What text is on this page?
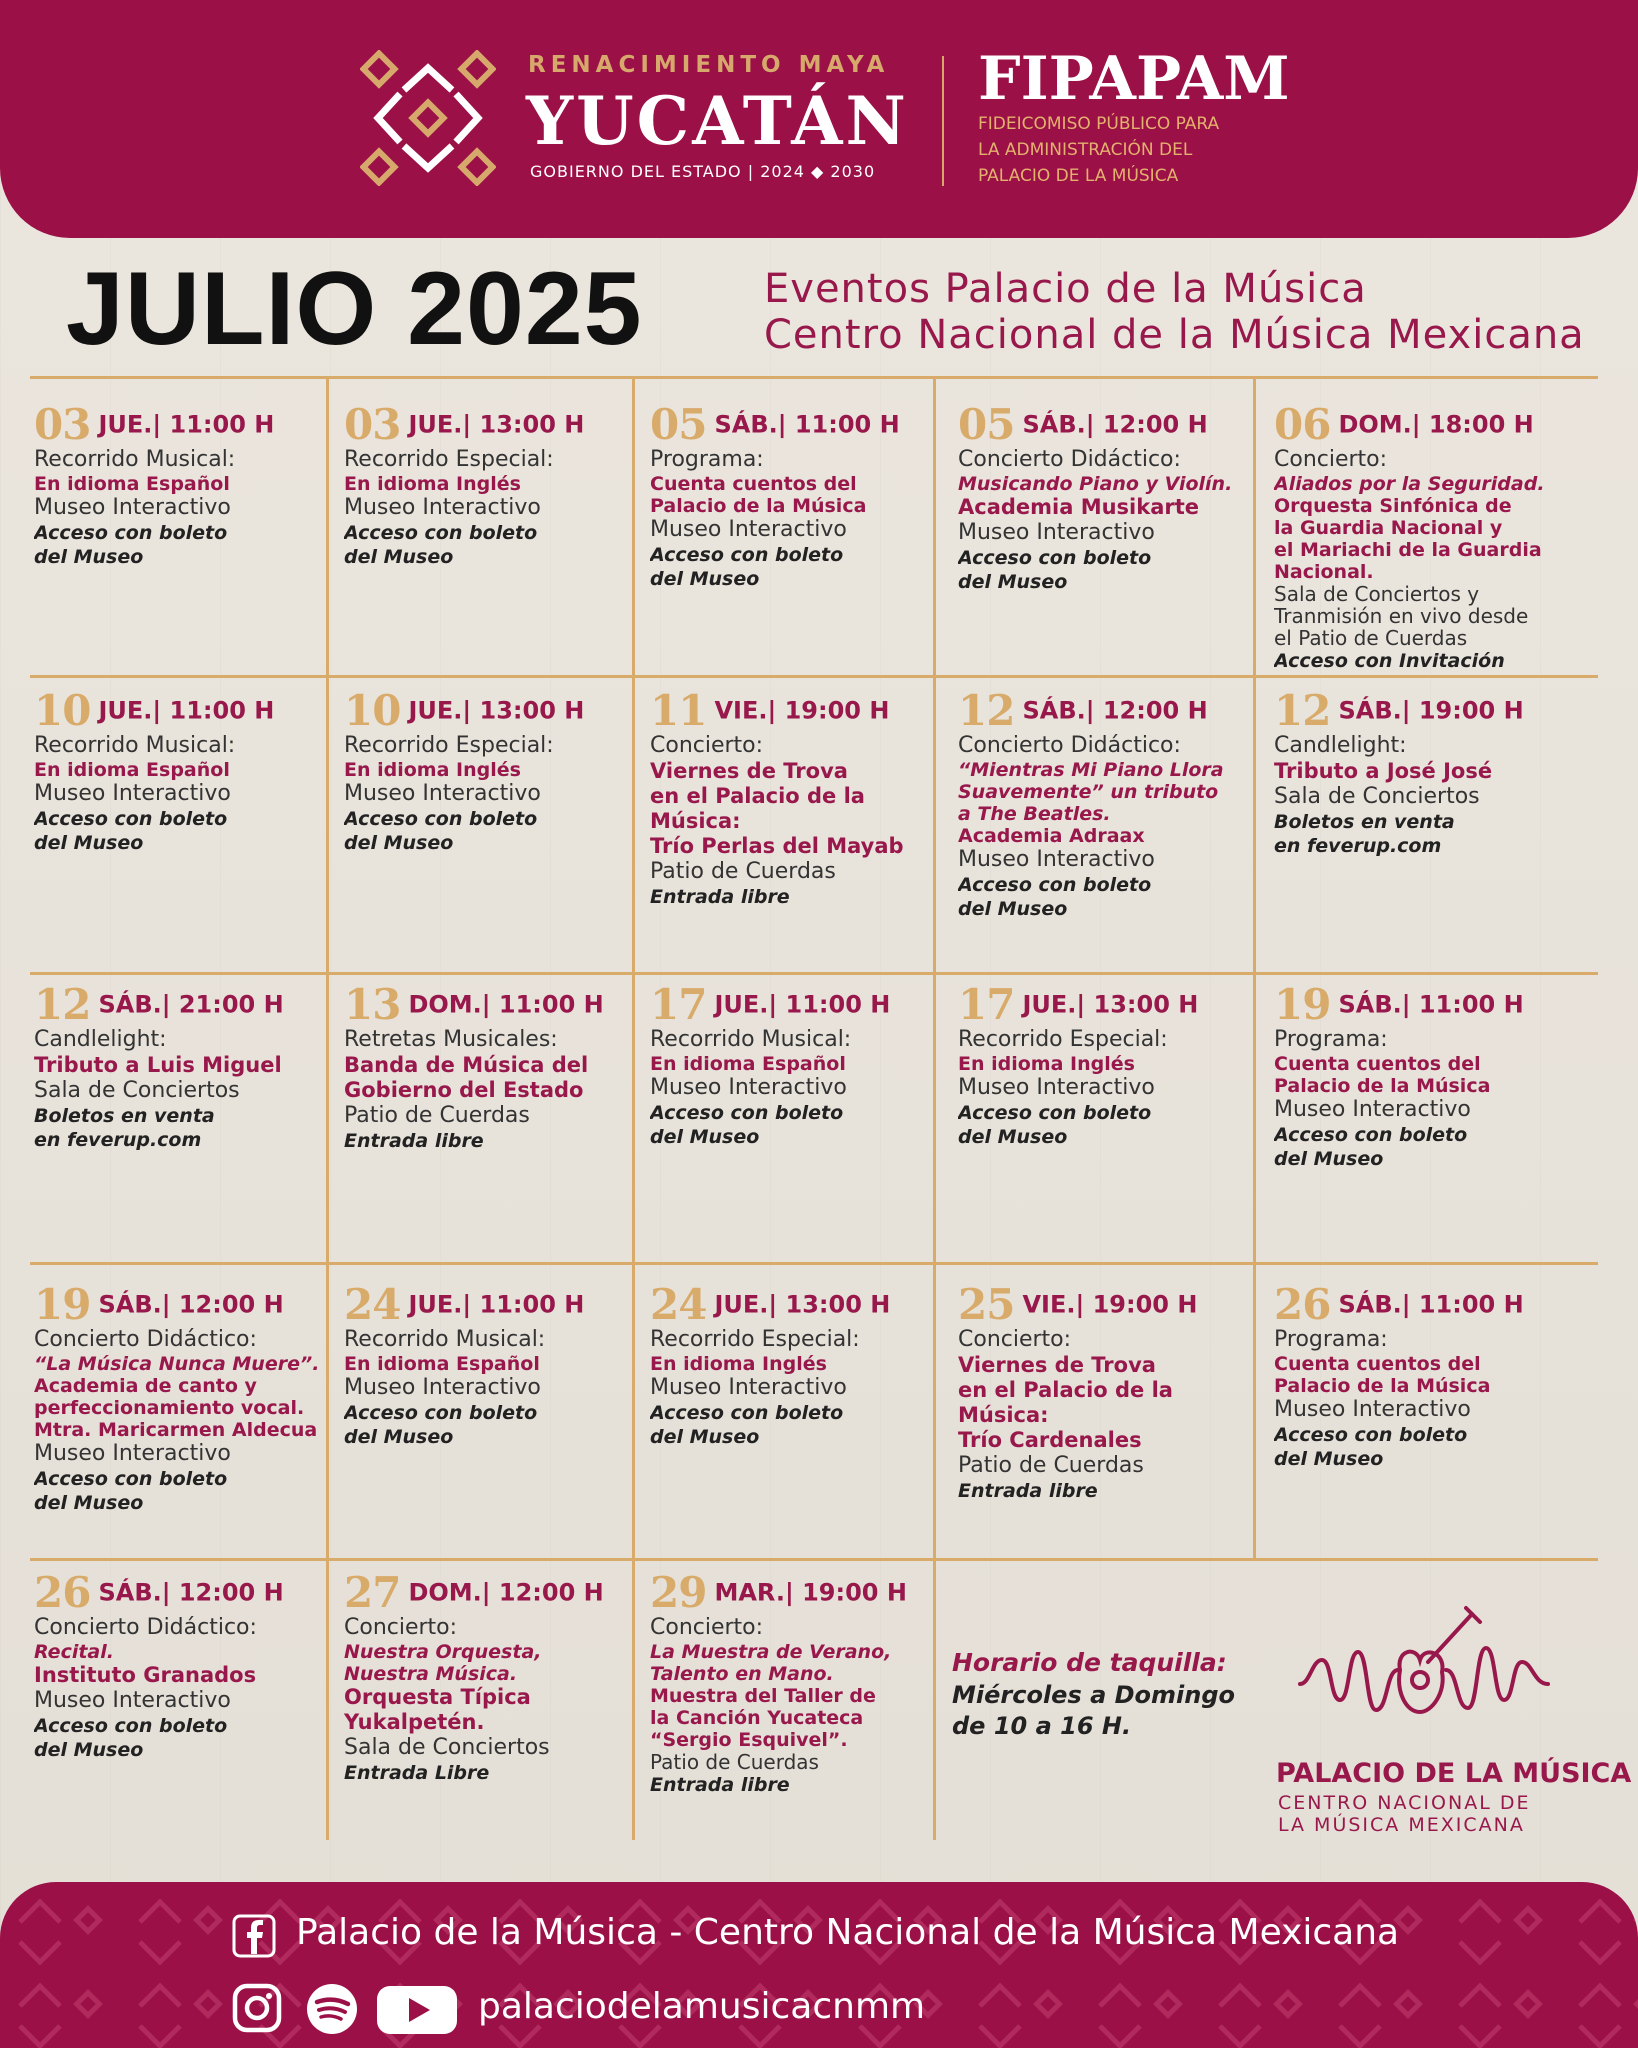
RENACIMIENTO MAYA
YUCATÁN
GOBIERNO DEL ESTADO | 2024 ◆ 2030
FIPAPAM
FIDEICOMISO PÚBLICO PARA
LA ADMINISTRACIÓN DEL
PALACIO DE LA MÚSICA
JULIO 2025	Eventos Palacio de la Música
Centro Nacional de la Música Mexicana
03 JUE.| 11:00 H
Recorrido Musical:
En idioma Español
Museo Interactivo
Acceso con boleto
del Museo
03 JUE.| 13:00 H
Recorrido Especial:
En idioma Inglés
Museo Interactivo
Acceso con boleto
del Museo
05 SÁB.| 11:00 H
Programa:
Cuenta cuentos del
Palacio de la Música
Museo Interactivo
Acceso con boleto
del Museo
05 SÁB.| 12:00 H
Concierto Didáctico:
Musicando Piano y Violín.
Academia Musikarte
Museo Interactivo
Acceso con boleto
del Museo
06 DOM.| 18:00 H
Concierto:
Aliados por la Seguridad.
Orquesta Sinfónica de
la Guardia Nacional y
el Mariachi de la Guardia
Nacional.
Sala de Conciertos y
Tranmisión en vivo desde
el Patio de Cuerdas
Acceso con Invitación
10 JUE.| 11:00 H
Recorrido Musical:
En idioma Español
Museo Interactivo
Acceso con boleto
del Museo
10 JUE.| 13:00 H
Recorrido Especial:
En idioma Inglés
Museo Interactivo
Acceso con boleto
del Museo
11 VIE.| 19:00 H
Concierto:
Viernes de Trova
en el Palacio de la
Música:
Trío Perlas del Mayab
Patio de Cuerdas
Entrada libre
12 SÁB.| 12:00 H
Concierto Didáctico:
“Mientras Mi Piano Llora
Suavemente” un tributo
a The Beatles.
Academia Adraax
Museo Interactivo
Acceso con boleto
del Museo
12 SÁB.| 19:00 H
Candlelight:
Tributo a José José
Sala de Conciertos
Boletos en venta
en feverup.com
12 SÁB.| 21:00 H
Candlelight:
Tributo a Luis Miguel
Sala de Conciertos
Boletos en venta
en feverup.com
13 DOM.| 11:00 H
Retretas Musicales:
Banda de Música del
Gobierno del Estado
Patio de Cuerdas
Entrada libre
17 JUE.| 11:00 H
Recorrido Musical:
En idioma Español
Museo Interactivo
Acceso con boleto
del Museo
17 JUE.| 13:00 H
Recorrido Especial:
En idioma Inglés
Museo Interactivo
Acceso con boleto
del Museo
19 SÁB.| 11:00 H
Programa:
Cuenta cuentos del
Palacio de la Música
Museo Interactivo
Acceso con boleto
del Museo
19 SÁB.| 12:00 H
Concierto Didáctico:
“La Música Nunca Muere”.
Academia de canto y
perfeccionamiento vocal.
Mtra. Maricarmen Aldecua
Museo Interactivo
Acceso con boleto
del Museo
24 JUE.| 11:00 H
Recorrido Musical:
En idioma Español
Museo Interactivo
Acceso con boleto
del Museo
24 JUE.| 13:00 H
Recorrido Especial:
En idioma Inglés
Museo Interactivo
Acceso con boleto
del Museo
25 VIE.| 19:00 H
Concierto:
Viernes de Trova
en el Palacio de la
Música:
Trío Cardenales
Patio de Cuerdas
Entrada libre
26 SÁB.| 11:00 H
Programa:
Cuenta cuentos del
Palacio de la Música
Museo Interactivo
Acceso con boleto
del Museo
26 SÁB.| 12:00 H
Concierto Didáctico:
Recital.
Instituto Granados
Museo Interactivo
Acceso con boleto
del Museo
27 DOM.| 12:00 H
Concierto:
Nuestra Orquesta,
Nuestra Música.
Orquesta Típica
Yukalpetén.
Sala de Conciertos
Entrada Libre
29 MAR.| 19:00 H
Concierto:
La Muestra de Verano,
Talento en Mano.
Muestra del Taller de
la Canción Yucateca
“Sergio Esquivel”.
Patio de Cuerdas
Entrada libre
Horario de taquilla:
Miércoles a Domingo
de 10 a 16 H.
PALACIO DE LA MÚSICA
CENTRO NACIONAL DE
LA MÚSICA MEXICANA
Palacio de la Música - Centro Nacional de la Música Mexicana
palaciodelamusicacnmm
